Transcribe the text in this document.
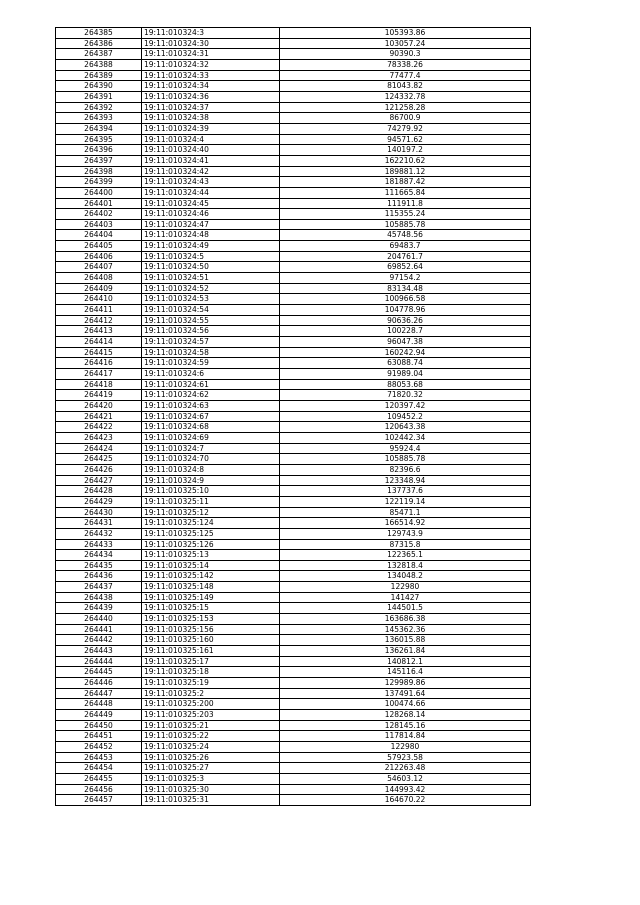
264385	19:11:010324:3	105393.86
264386	19:11:010324:30	103057.24
264387	19:11:010324:31	90390.3
264388	19:11:010324:32	78338.26
264389	19:11:010324:33	77477.4
264390	19:11:010324:34	81043.82
264391	19:11:010324:36	124332.78
264392	19:11:010324:37	121258.28
264393	19:11:010324:38	86700.9
264394	19:11:010324:39	74279.92
264395	19:11:010324:4	94571.62
264396	19:11:010324:40	140197.2
264397	19:11:010324:41	162210.62
264398	19:11:010324:42	189881.12
264399	19:11:010324:43	181887.42
264400	19:11:010324:44	111665.84
264401	19:11:010324:45	111911.8
264402	19:11:010324:46	115355.24
264403	19:11:010324:47	105885.78
264404	19:11:010324:48	45748.56
264405	19:11:010324:49	69483.7
264406	19:11:010324:5	204761.7
264407	19:11:010324:50	69852.64
264408	19:11:010324:51	97154.2
264409	19:11:010324:52	83134.48
264410	19:11:010324:53	100966.58
264411	19:11:010324:54	104778.96
264412	19:11:010324:55	90636.26
264413	19:11:010324:56	100228.7
264414	19:11:010324:57	96047.38
264415	19:11:010324:58	160242.94
264416	19:11:010324:59	63088.74
264417	19:11:010324:6	91989.04
264418	19:11:010324:61	88053.68
264419	19:11:010324:62	71820.32
264420	19:11:010324:63	120397.42
264421	19:11:010324:67	109452.2
264422	19:11:010324:68	120643.38
264423	19:11:010324:69	102442.34
264424	19:11:010324:7	95924.4
264425	19:11:010324:70	105885.78
264426	19:11:010324:8	82396.6
264427	19:11:010324:9	123348.94
264428	19:11:010325:10	137737.6
264429	19:11:010325:11	122119.14
264430	19:11:010325:12	85471.1
264431	19:11:010325:124	166514.92
264432	19:11:010325:125	129743.9
264433	19:11:010325:126	87315.8
264434	19:11:010325:13	122365.1
264435	19:11:010325:14	132818.4
264436	19:11:010325:142	134048.2
264437	19:11:010325:148	122980
264438	19:11:010325:149	141427
264439	19:11:010325:15	144501.5
264440	19:11:010325:153	163686.38
264441	19:11:010325:156	145362.36
264442	19:11:010325:160	136015.88
264443	19:11:010325:161	136261.84
264444	19:11:010325:17	140812.1
264445	19:11:010325:18	145116.4
264446	19:11:010325:19	129989.86
264447	19:11:010325:2	137491.64
264448	19:11:010325:200	100474.66
264449	19:11:010325:203	128268.14
264450	19:11:010325:21	128145.16
264451	19:11:010325:22	117814.84
264452	19:11:010325:24	122980
264453	19:11:010325:26	57923.58
264454	19:11:010325:27	212263.48
264455	19:11:010325:3	54603.12
264456	19:11:010325:30	144993.42
264457	19:11:010325:31	164670.22
